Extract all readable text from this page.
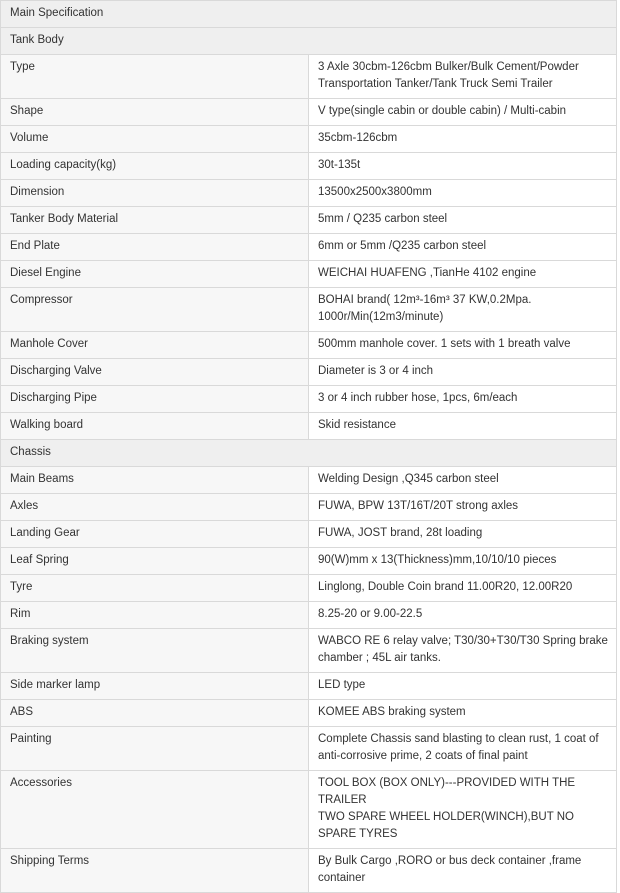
Main Specification	
Tank Body	
Type	3 Axle 30cbm-126cbm Bulker/Bulk Cement/Powder Transportation Tanker/Tank Truck Semi Trailer
Shape	V type(single cabin or double cabin) / Multi-cabin
Volume	35cbm-126cbm
Loading capacity(kg)	30t-135t
Dimension	13500x2500x3800mm
Tanker Body Material	5mm / Q235 carbon steel
End Plate	6mm or 5mm /Q235 carbon steel
Diesel Engine	WEICHAI HUAFENG ,TianHe 4102 engine
Compressor	BOHAI brand( 12m³-16m³ 37 KW,0.2Mpa. 1000r/Min(12m3/minute)
Manhole Cover	500mm manhole cover. 1 sets with 1 breath valve
Discharging Valve	Diameter is 3 or 4 inch
Discharging Pipe	3 or 4 inch rubber hose, 1pcs, 6m/each
Walking board	Skid resistance
Chassis	
Main Beams	Welding Design ,Q345 carbon steel
Axles	FUWA, BPW 13T/16T/20T strong axles
Landing Gear	FUWA, JOST brand, 28t loading
Leaf Spring	90(W)mm x 13(Thickness)mm,10/10/10 pieces
Tyre	Linglong, Double Coin brand 11.00R20, 12.00R20
Rim	8.25-20 or 9.00-22.5
Braking system	WABCO RE 6 relay valve; T30/30+T30/T30 Spring brake chamber ; 45L air tanks.
Side marker lamp	LED type
ABS	KOMEE ABS braking system
Painting	Complete Chassis sand blasting to clean rust, 1 coat of anti-corrosive prime, 2 coats of final paint
Accessories	TOOL BOX (BOX ONLY)---PROVIDED WITH THE TRAILER
TWO SPARE WHEEL HOLDER(WINCH),BUT NO SPARE TYRES

Shipping Terms	By Bulk Cargo ,RORO or bus deck container ,frame container
